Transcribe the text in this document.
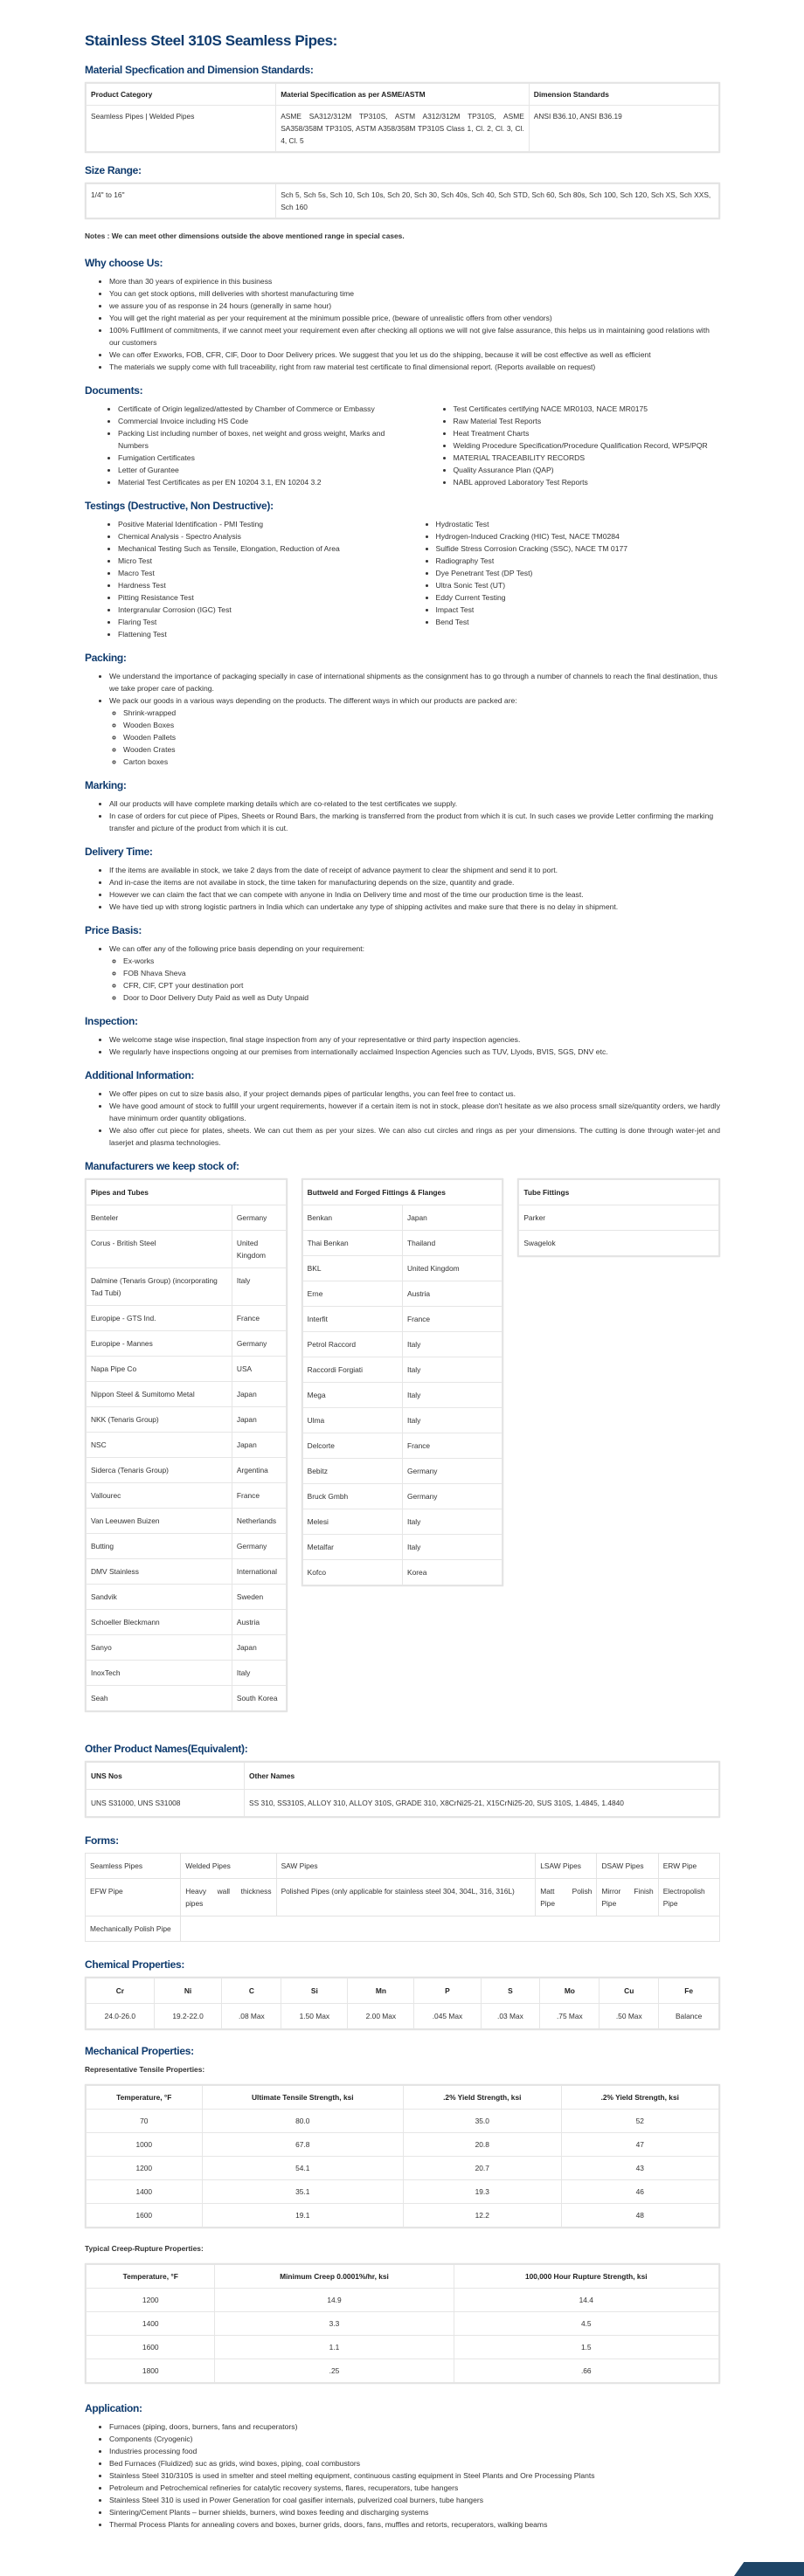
Stainless Steel 310S Seamless Pipes:
Material Specfication and Dimension Standards:
Product Category	Material Specification as per ASME/ASTM	Dimension Standards
Seamless Pipes | Welded Pipes	ASME SA312/312M TP310S, ASTM A312/312M TP310S, ASME SA358/358M TP310S, ASTM A358/358M TP310S Class 1, Cl. 2, Cl. 3, Cl. 4, Cl. 5	ANSI B36.10, ANSI B36.19
Size Range:
1/4" to 16"	Sch 5, Sch 5s, Sch 10, Sch 10s, Sch 20, Sch 30, Sch 40s, Sch 40, Sch STD, Sch 60, Sch 80s, Sch 100, Sch 120, Sch XS, Sch XXS, Sch 160

Notes : We can meet other dimensions outside the above mentioned range in special cases.

Why choose Us:
• More than 30 years of expirience in this business
• You can get stock options, mill deliveries with shortest manufacturing time
• we assure you of as response in 24 hours (generally in same hour)
• You will get the right material as per your requirement at the minimum possible price, (beware of unrealistic offers from other vendors)
• 100% Fulfilment of commitments, if we cannot meet your requirement even after checking all options we will not give false assurance, this helps us in maintaining good relations with our customers
• We can offer Exworks, FOB, CFR, CIF, Door to Door Delivery prices. We suggest that you let us do the shipping, because it will be cost effective as well as efficient
• The materials we supply come with full traceability, right from raw material test certificate to final dimensional report. (Reports available on request)
Documents:
• Certificate of Origin legalized/attested by Chamber of Commerce or Embassy
• Commercial Invoice including HS Code
• Packing List including number of boxes, net weight and gross weight, Marks and Numbers
• Fumigation Certificates
• Letter of Gurantee
• Material Test Certificates as per EN 10204 3.1, EN 10204 3.2
• Test Certificates certifying NACE MR0103, NACE MR0175
• Raw Material Test Reports
• Heat Treatment Charts
• Welding Procedure Specification/Procedure Qualification Record, WPS/PQR
• MATERIAL TRACEABILITY RECORDS
• Quality Assurance Plan (QAP)
• NABL approved Laboratory Test Reports
Testings (Destructive, Non Destructive):
• Positive Material Identification - PMI Testing
• Chemical Analysis - Spectro Analysis
• Mechanical Testing Such as Tensile, Elongation, Reduction of Area
• Micro Test
• Macro Test
• Hardness Test
• Pitting Resistance Test
• Intergranular Corrosion (IGC) Test
• Flaring Test
• Flattening Test
• Hydrostatic Test
• Hydrogen-Induced Cracking (HIC) Test, NACE TM0284
• Sulfide Stress Corrosion Cracking (SSC), NACE TM 0177
• Radiography Test
• Dye Penetrant Test (DP Test)
• Ultra Sonic Test (UT)
• Eddy Current Testing
• Impact Test
• Bend Test
Packing:
• We understand the importance of packaging specially in case of international shipments as the consignment has to go through a number of channels to reach the final destination, thus we take proper care of packing.
• We pack our goods in a various ways depending on the products. The different ways in which our products are packed are:
◦ Shrink-wrapped
◦ Wooden Boxes
◦ Wooden Pallets
◦ Wooden Crates
◦ Carton boxes
Marking:
• All our products will have complete marking details which are co-related to the test certificates we supply.
• In case of orders for cut piece of Pipes, Sheets or Round Bars, the marking is transferred from the product from which it is cut. In such cases we provide Letter confirming the marking transfer and picture of the product from which it is cut.
Delivery Time:
• If the items are available in stock, we take 2 days from the date of receipt of advance payment to clear the shipment and send it to port.
• And in-case the items are not availabe in stock, the time taken for manufacturing depends on the size, quantity and grade.
• However we can claim the fact that we can compete with anyone in India on Delivery time and most of the time our production time is the least.
• We have tied up with strong logistic partners in India which can undertake any type of shipping activites and make sure that there is no delay in shipment.
Price Basis:
• We can offer any of the following price basis depending on your requirement:
◦ Ex-works
◦ FOB Nhava Sheva
◦ CFR, CIF, CPT your destination port
◦ Door to Door Delivery Duty Paid as well as Duty Unpaid
Inspection:
• We welcome stage wise inspection, final stage inspection from any of your representative or third party inspection agencies.
• We regularly have inspections ongoing at our premises from internationally acclaimed Inspection Agencies such as TUV, Llyods, BVIS, SGS, DNV etc.
Additional Information:
• We offer pipes on cut to size basis also, if your project demands pipes of particular lengths, you can feel free to contact us.
• We have good amount of stock to fulfill your urgent requirements, however if a certain item is not in stock, please don't hesitate as we also process small size/quantity orders, we hardly have minimum order quantity obligations.
• We also offer cut piece for plates, sheets. We can cut them as per your sizes. We can also cut circles and rings as per your dimensions. The cutting is done through water-jet and laserjet and plasma technologies.
Manufacturers we keep stock of:
Pipes and Tubes	
Benteler	Germany
Corus - British Steel	United Kingdom
Dalmine (Tenaris Group) (incorporating Tad Tubi)	Italy
Europipe - GTS Ind.	France
Europipe - Mannes	Germany
Napa Pipe Co	USA
Nippon Steel & Sumitomo Metal	Japan
NKK (Tenaris Group)	Japan
NSC	Japan
Siderca (Tenaris Group)	Argentina
Vallourec	France
Van Leeuwen Buizen	Netherlands
Butting	Germany
DMV Stainless	International
Sandvik	Sweden
Schoeller Bleckmann	Austria
Sanyo	Japan
InoxTech	Italy
Seah	South Korea
Buttweld and Forged Fittings & Flanges	
Benkan	Japan
Thai Benkan	Thailand
BKL	United Kingdom
Erne	Austria
Interfit	France
Petrol Raccord	Italy
Raccordi Forgiati	Italy
Mega	Italy
Ulma	Italy
Delcorte	France
Bebitz	Germany
Bruck Gmbh	Germany
Melesi	Italy
Metalfar	Italy
Kofco	Korea
Tube Fittings
Parker
Swagelok
Other Product Names(Equivalent):
UNS Nos	Other Names
UNS S31000, UNS S31008	SS 310, SS310S, ALLOY 310, ALLOY 310S, GRADE 310, X8CrNi25-21, X15CrNi25-20, SUS 310S, 1.4845, 1.4840
Forms:
Seamless Pipes	Welded Pipes	SAW Pipes	LSAW Pipes	DSAW Pipes	ERW Pipe
EFW Pipe	Heavy wall thickness pipes	Polished Pipes (only applicable for stainless steel 304, 304L, 316, 316L)	Matt Polish Pipe	Mirror Finish Pipe	Electropolish Pipe
Mechanically Polish Pipe					
Chemical Properties:
Cr	Ni	C	Si	Mn	P	S	Mo	Cu	Fe
24.0-26.0	19.2-22.0	.08 Max	1.50 Max	2.00 Max	.045 Max	.03 Max	.75 Max	.50 Max	Balance
Mechanical Properties:
Representative Tensile Properties:
Temperature, °F	Ultimate Tensile Strength, ksi	.2% Yield Strength, ksi	.2% Yield Strength, ksi
70	80.0	35.0	52
1000	67.8	20.8	47
1200	54.1	20.7	43
1400	35.1	19.3	46
1600	19.1	12.2	48
Typical Creep-Rupture Properties:
Temperature, °F	Minimum Creep 0.0001%/hr, ksi	100,000 Hour Rupture Strength, ksi
1200	14.9	14.4
1400	3.3	4.5
1600	1.1	1.5
1800	.25	.66
Application:
• Furnaces (piping, doors, burners, fans and recuperators)
• Components (Cryogenic)
• Industries processing food
• Bed Furnaces (Fluidized) suc as grids, wind boxes, piping, coal combustors
• Stainless Steel 310/310S is used in smelter and steel melting equipment, continuous casting equipment in Steel Plants and Ore Processing Plants
• Petroleum and Petrochemical refineries for catalytic recovery systems, flares, recuperators, tube hangers
• Stainless Steel 310 is used in Power Generation for coal gasifier internals, pulverized coal burners, tube hangers
• Sintering/Cement Plants – burner shields, burners, wind boxes feeding and discharging systems
• Thermal Process Plants for annealing covers and boxes, burner grids, doors, fans, muffles and retorts, recuperators, walking beams
